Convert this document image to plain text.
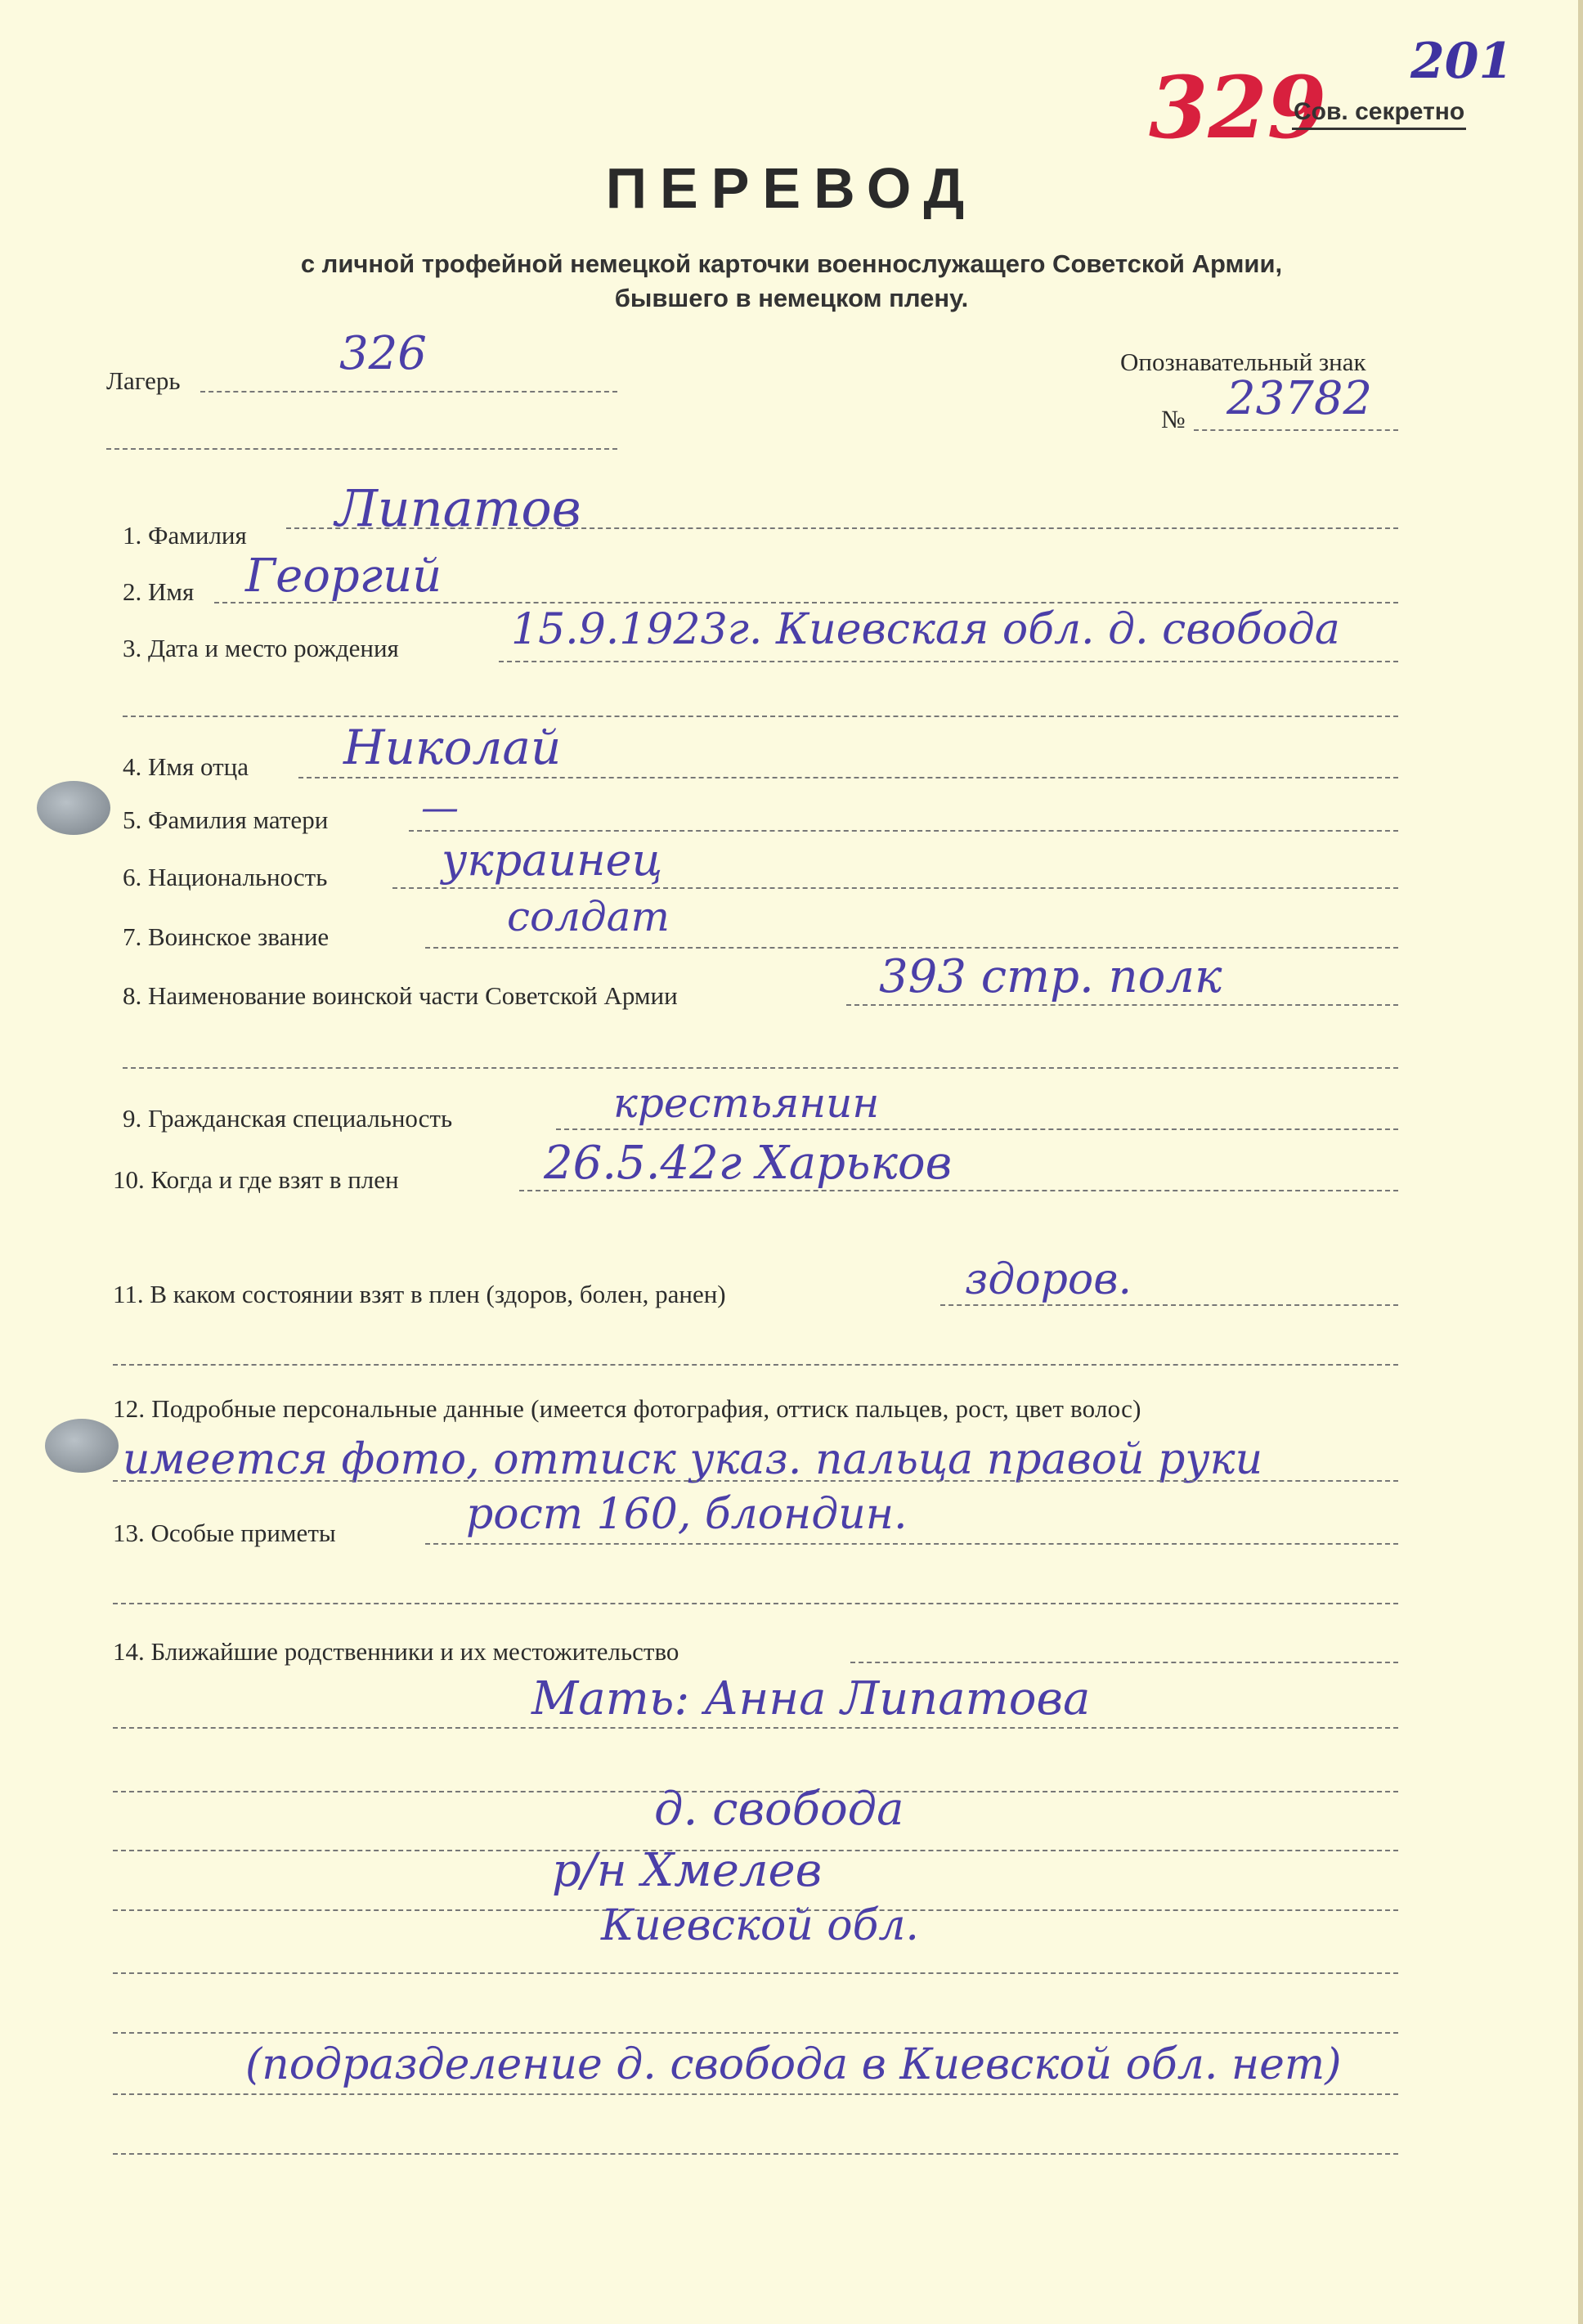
201
329
Сов. секретно
ПЕРЕВОД
с личной трофейной немецкой карточки военнослужащего Советской Армии,
бывшего в немецком плену.
Лагерь
326	Опознавательный знак
№ 23782
1. Фамилия Липатов
2. Имя Георгий
3. Дата и место рождения	15.9.1923г. Киевская обл. д. свобода
4. Имя отца Николай
5. Фамилия матери —
6. Национальность	украинец
7. Воинское звание	солдат
8. Наименование воинской части Советской Армии	393 стр. полк
9. Гражданская специальность	крестьянин
10. Когда и где взят в плен	26.5.42г Харьков
11. В каком состоянии взят в плен (здоров, болен, ранен)	здоров.
12. Подробные персональные данные (имеется фотография, оттиск пальцев, рост, цвет волос)
имеется фото, оттиск указ. пальца правой руки
13. Особые приметы	рост 160, блондин.
14. Ближайшие родственники и их местожительство
Мать: Анна Липатова
д. свобода
р/н Хмелев
Киевской обл.
(подразделение д. свобода в Киевской обл. нет)
